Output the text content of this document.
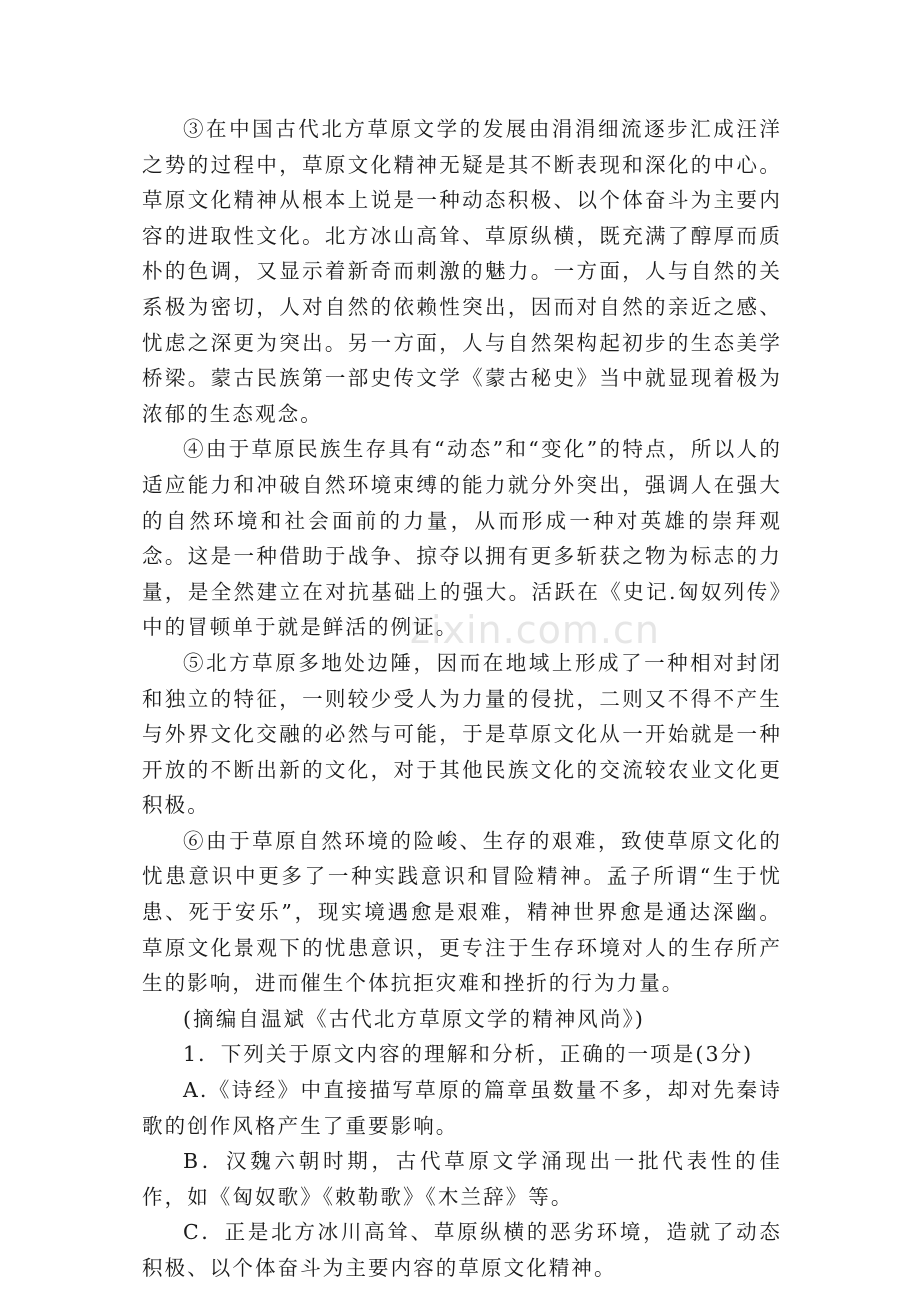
zixin.com.cn

③在中国古代北方草原文学的发展由涓涓细流逐步汇成汪洋之势的过程中，草原文化精神无疑是其不断表现和深化的中心。草原文化精神从根本上说是一种动态积极、以个体奋斗为主要内容的进取性文化。北方冰山高耸、草原纵横，既充满了醇厚而质朴的色调，又显示着新奇而刺激的魅力。一方面，人与自然的关系极为密切，人对自然的依赖性突出，因而对自然的亲近之感、忧虑之深更为突出。另一方面，人与自然架构起初步的生态美学桥梁。蒙古民族第一部史传文学《蒙古秘史》当中就显现着极为浓郁的生态观念。

④由于草原民族生存具有“动态”和“变化”的特点，所以人的适应能力和冲破自然环境束缚的能力就分外突出，强调人在强大的自然环境和社会面前的力量，从而形成一种对英雄的崇拜观念。这是一种借助于战争、掠夺以拥有更多斩获之物为标志的力量，是全然建立在对抗基础上的强大。活跃在《史记.匈奴列传》中的冒顿单于就是鲜活的例证。

⑤北方草原多地处边陲，因而在地域上形成了一种相对封闭和独立的特征，一则较少受人为力量的侵扰，二则又不得不产生与外界文化交融的必然与可能，于是草原文化从一开始就是一种开放的不断出新的文化，对于其他民族文化的交流较农业文化更积极。

⑥由于草原自然环境的险峻、生存的艰难，致使草原文化的忧患意识中更多了一种实践意识和冒险精神。孟子所谓“生于忧患、死于安乐”，现实境遇愈是艰难，精神世界愈是通达深幽。草原文化景观下的忧患意识，更专注于生存环境对人的生存所产生的影响，进而催生个体抗拒灾难和挫折的行为力量。

(摘编自温斌《古代北方草原文学的精神风尚》)

1．下列关于原文内容的理解和分析，正确的一项是(3分)

A.《诗经》中直接描写草原的篇章虽数量不多，却对先秦诗歌的创作风格产生了重要影响。

B．汉魏六朝时期，古代草原文学涌现出一批代表性的佳作，如《匈奴歌》《敕勒歌》《木兰辞》等。

C．正是北方冰川高耸、草原纵横的恶劣环境，造就了动态积极、以个体奋斗为主要内容的草原文化精神。
